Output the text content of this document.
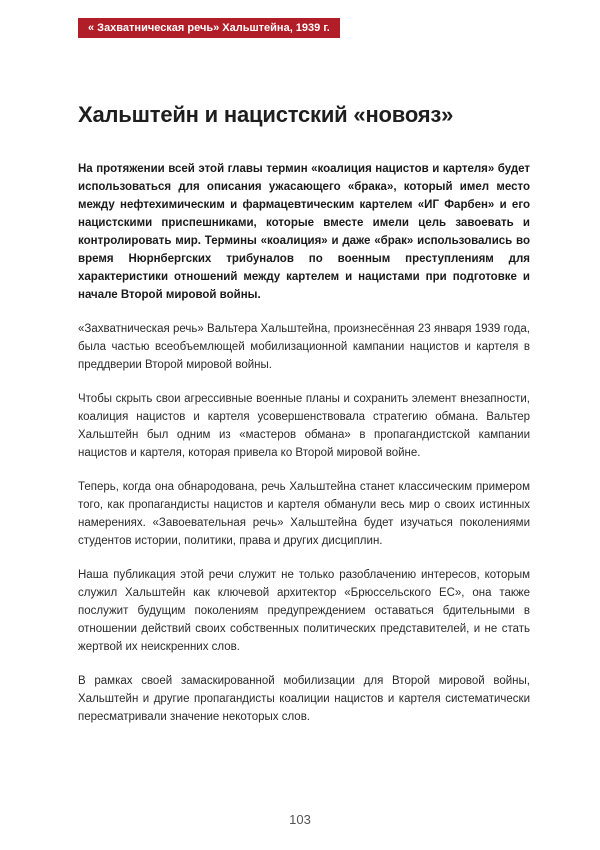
« Захватническая речь» Хальштейна, 1939 г.
Хальштейн и нацистский «новояз»

На протяжении всей этой главы термин «коалиция нацистов и картеля» будет использоваться для описания ужасающего «брака», который имел место между нефтехимическим и фармацевтическим картелем «ИГ Фарбен» и его нацистскими приспешниками, которые вместе имели цель завоевать и контролировать мир. Термины «коалиция» и даже «брак» использовались во время Нюрнбергских трибуналов по военным преступлениям для характеристики отношений между картелем и нацистами при подготовке и начале Второй мировой войны.

«Захватническая речь» Вальтера Хальштейна, произнесённая 23 января 1939 года, была частью всеобъемлющей мобилизационной кампании нацистов и картеля в преддверии Второй мировой войны.

Чтобы скрыть свои агрессивные военные планы и сохранить элемент внезапности, коалиция нацистов и картеля усовершенствовала стратегию обмана. Вальтер Хальштейн был одним из «мастеров обмана» в пропагандистской кампании нацистов и картеля, которая привела ко Второй мировой войне.

Теперь, когда она обнародована, речь Хальштейна станет классическим примером того, как пропагандисты нацистов и картеля обманули весь мир о своих истинных намерениях. «Завоевательная речь» Хальштейна будет изучаться поколениями студентов истории, политики, права и других дисциплин.

Наша публикация этой речи служит не только разоблачению интересов, которым служил Хальштейн как ключевой архитектор «Брюссельского ЕС», она также послужит будущим поколениям предупреждением оставаться бдительными в отношении действий своих собственных политических представителей, и не стать жертвой их неискренних слов.

В рамках своей замаскированной мобилизации для Второй мировой войны, Хальштейн и другие пропагандисты коалиции нацистов и картеля систематически пересматривали значение некоторых слов.

103
